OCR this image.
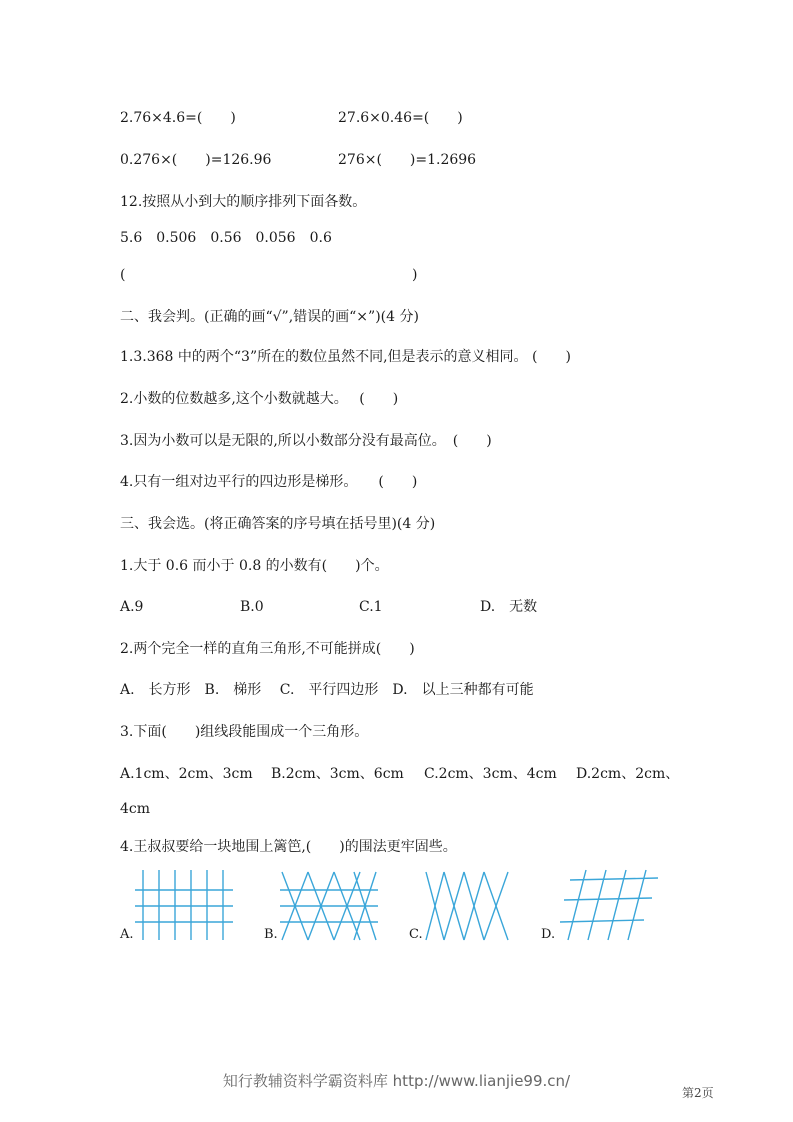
2.76×4.6=(　　)	27.6×0.46=(　　)
0.276×(　　)=126.96	276×(　　)=1.2696
12.按照从小到大的顺序排列下面各数。
5.6　0.506　0.56　0.056　0.6
(	)
二、我会判。(正确的画“√”,错误的画“×”)(4 分)
1.3.368 中的两个“3”所在的数位虽然不同,但是表示的意义相同。 (　　)
2.小数的位数越多,这个小数就越大。　 (　　)
3.因为小数可以是无限的,所以小数部分没有最高位。　(　　)
4.只有一组对边平行的四边形是梯形。　　(　　)
三、我会选。(将正确答案的序号填在括号里)(4 分)
1.大于 0.6 而小于 0.8 的小数有(　　)个。
A.9	B.0	C.1	D.　无数
2.两个完全一样的直角三角形,不可能拼成(　　)
A.　长方形　B.　梯形　 C.　平行四边形　D.　以上三种都有可能
3.下面(　　)组线段能围成一个三角形。
A.1cm、2cm、3cm B.2cm、3cm、6cm C.2cm、3cm、4cm D.2cm、2cm、
4cm
4.王叔叔要给一块地围上篱笆,(　　)的围法更牢固些。
A.	B.	C.	D.
知行教辅资料学霸资料库 http://www.lianjie99.cn/
第2页
